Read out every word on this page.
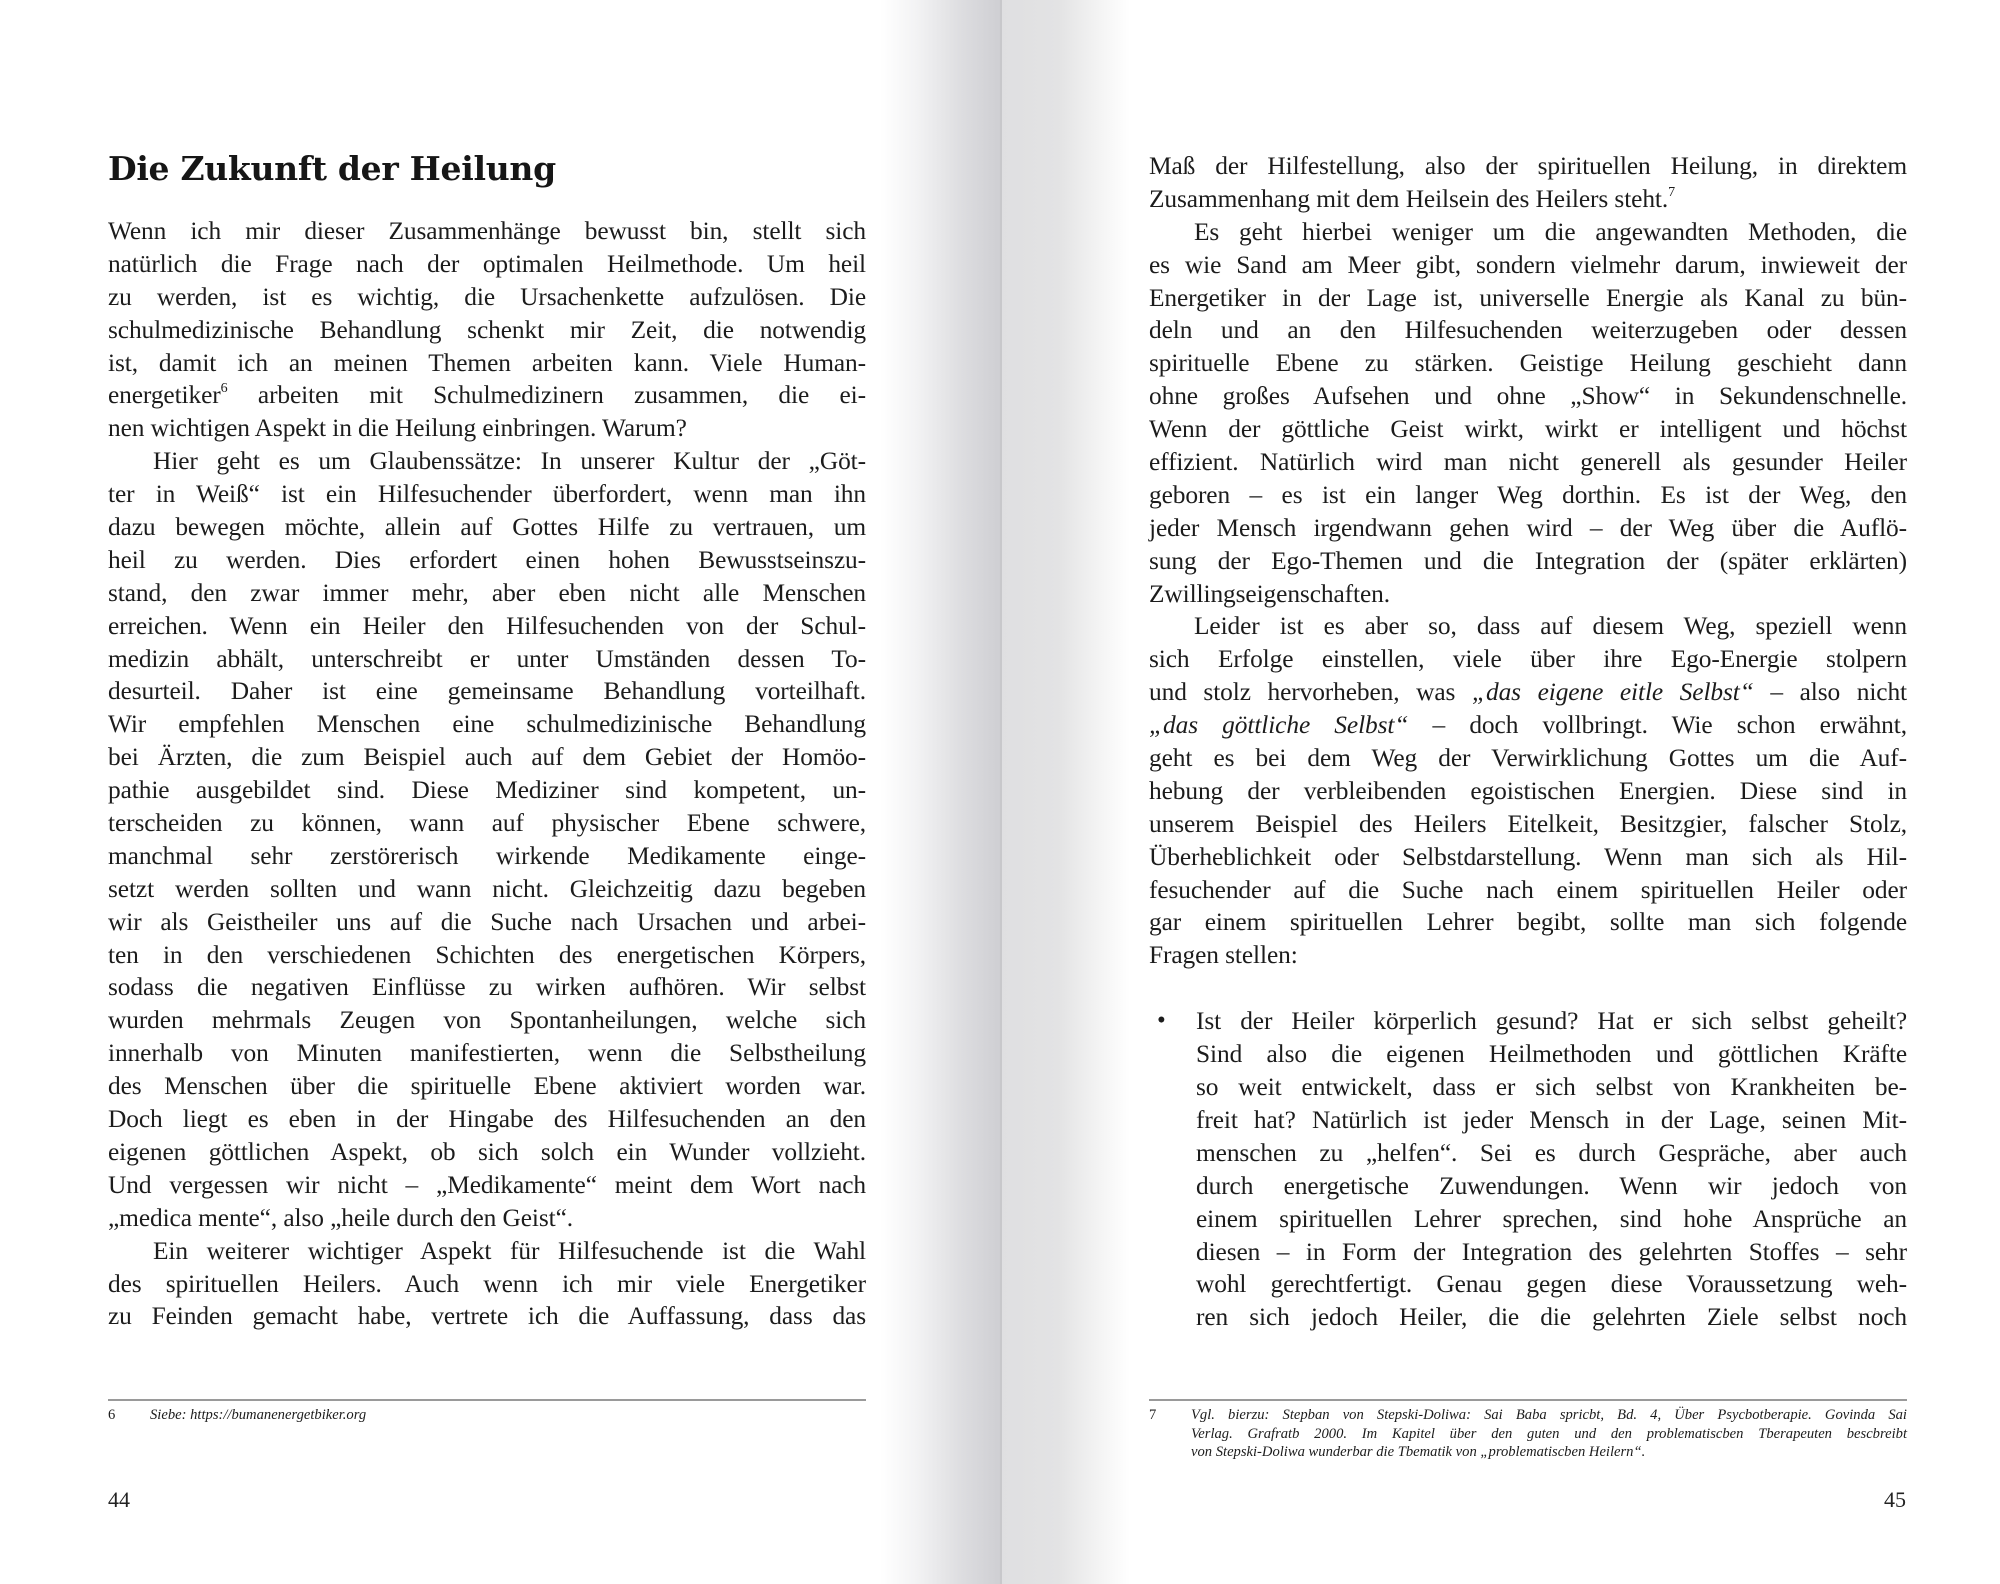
Die Zukunft der Heilung

Wenn ich mir dieser Zusammenhänge bewusst bin, stellt sich
natürlich die Frage nach der optimalen Heilmethode. Um heil
zu werden, ist es wichtig, die Ursachenkette aufzulösen. Die
schulmedizinische Behandlung schenkt mir Zeit, die notwendig
ist, damit ich an meinen Themen arbeiten kann. Viele Human-
energetiker$^6$ arbeiten mit Schulmedizinern zusammen, die ei-
nen wichtigen Aspekt in die Heilung einbringen. Warum?

Hier geht es um Glaubenssätze: In unserer Kultur der „Göt-
ter in Weiß“ ist ein Hilfesuchender überfordert, wenn man ihn
dazu bewegen möchte, allein auf Gottes Hilfe zu vertrauen, um
heil zu werden. Dies erfordert einen hohen Bewusstseinszu-
stand, den zwar immer mehr, aber eben nicht alle Menschen
erreichen. Wenn ein Heiler den Hilfesuchenden von der Schul-
medizin abhält, unterschreibt er unter Umständen dessen To-
desurteil. Daher ist eine gemeinsame Behandlung vorteilhaft.
Wir empfehlen Menschen eine schulmedizinische Behandlung
bei Ärzten, die zum Beispiel auch auf dem Gebiet der Homöo-
pathie ausgebildet sind. Diese Mediziner sind kompetent, un-
terscheiden zu können, wann auf physischer Ebene schwere,
manchmal sehr zerstörerisch wirkende Medikamente einge-
setzt werden sollten und wann nicht. Gleichzeitig dazu begeben
wir als Geistheiler uns auf die Suche nach Ursachen und arbei-
ten in den verschiedenen Schichten des energetischen Körpers,
sodass die negativen Einflüsse zu wirken aufhören. Wir selbst
wurden mehrmals Zeugen von Spontanheilungen, welche sich
innerhalb von Minuten manifestierten, wenn die Selbstheilung
des Menschen über die spirituelle Ebene aktiviert worden war.
Doch liegt es eben in der Hingabe des Hilfesuchenden an den
eigenen göttlichen Aspekt, ob sich solch ein Wunder vollzieht.
Und vergessen wir nicht – „Medikamente“ meint dem Wort nach
„medica mente“, also „heile durch den Geist“.

Ein weiterer wichtiger Aspekt für Hilfesuchende ist die Wahl
des spirituellen Heilers. Auch wenn ich mir viele Energetiker
zu Feinden gemacht habe, vertrete ich die Auffassung, dass das

6 Siebe: https://bumanenergetbiker.org
44

Maß der Hilfestellung, also der spirituellen Heilung, in direktem
Zusammenhang mit dem Heilsein des Heilers steht.$^7$

Es geht hierbei weniger um die angewandten Methoden, die
es wie Sand am Meer gibt, sondern vielmehr darum, inwieweit der
Energetiker in der Lage ist, universelle Energie als Kanal zu bün-
deln und an den Hilfesuchenden weiterzugeben oder dessen
spirituelle Ebene zu stärken. Geistige Heilung geschieht dann
ohne großes Aufsehen und ohne „Show“ in Sekundenschnelle.
Wenn der göttliche Geist wirkt, wirkt er intelligent und höchst
effizient. Natürlich wird man nicht generell als gesunder Heiler
geboren – es ist ein langer Weg dorthin. Es ist der Weg, den
jeder Mensch irgendwann gehen wird – der Weg über die Auflö-
sung der Ego-Themen und die Integration der (später erklärten)
Zwillingseigenschaften.

Leider ist es aber so, dass auf diesem Weg, speziell wenn
sich Erfolge einstellen, viele über ihre Ego-Energie stolpern
und stolz hervorheben, was „das eigene eitle Selbst“ – also nicht
„das göttliche Selbst“ – doch vollbringt. Wie schon erwähnt,
geht es bei dem Weg der Verwirklichung Gottes um die Auf-
hebung der verbleibenden egoistischen Energien. Diese sind in
unserem Beispiel des Heilers Eitelkeit, Besitzgier, falscher Stolz,
Überheblichkeit oder Selbstdarstellung. Wenn man sich als Hil-
fesuchender auf die Suche nach einem spirituellen Heiler oder
gar einem spirituellen Lehrer begibt, sollte man sich folgende
Fragen stellen:

• Ist der Heiler körperlich gesund? Hat er sich selbst geheilt?
Sind also die eigenen Heilmethoden und göttlichen Kräfte
so weit entwickelt, dass er sich selbst von Krankheiten be-
freit hat? Natürlich ist jeder Mensch in der Lage, seinen Mit-
menschen zu „helfen“. Sei es durch Gespräche, aber auch
durch energetische Zuwendungen. Wenn wir jedoch von
einem spirituellen Lehrer sprechen, sind hohe Ansprüche an
diesen – in Form der Integration des gelehrten Stoffes – sehr
wohl gerechtfertigt. Genau gegen diese Voraussetzung weh-
ren sich jedoch Heiler, die die gelehrten Ziele selbst noch
7 Vgl. bierzu: Stepban von Stepski-Doliwa: Sai Baba spricbt, Bd. 4, Über Psycbotberapie. Govinda Sai
Verlag. Grafratb 2000. Im Kapitel über den guten und den problematiscben Tberapeuten bescbreibt
von Stepski-Doliwa wunderbar die Tbematik von „problematiscben Heilern“.
45
